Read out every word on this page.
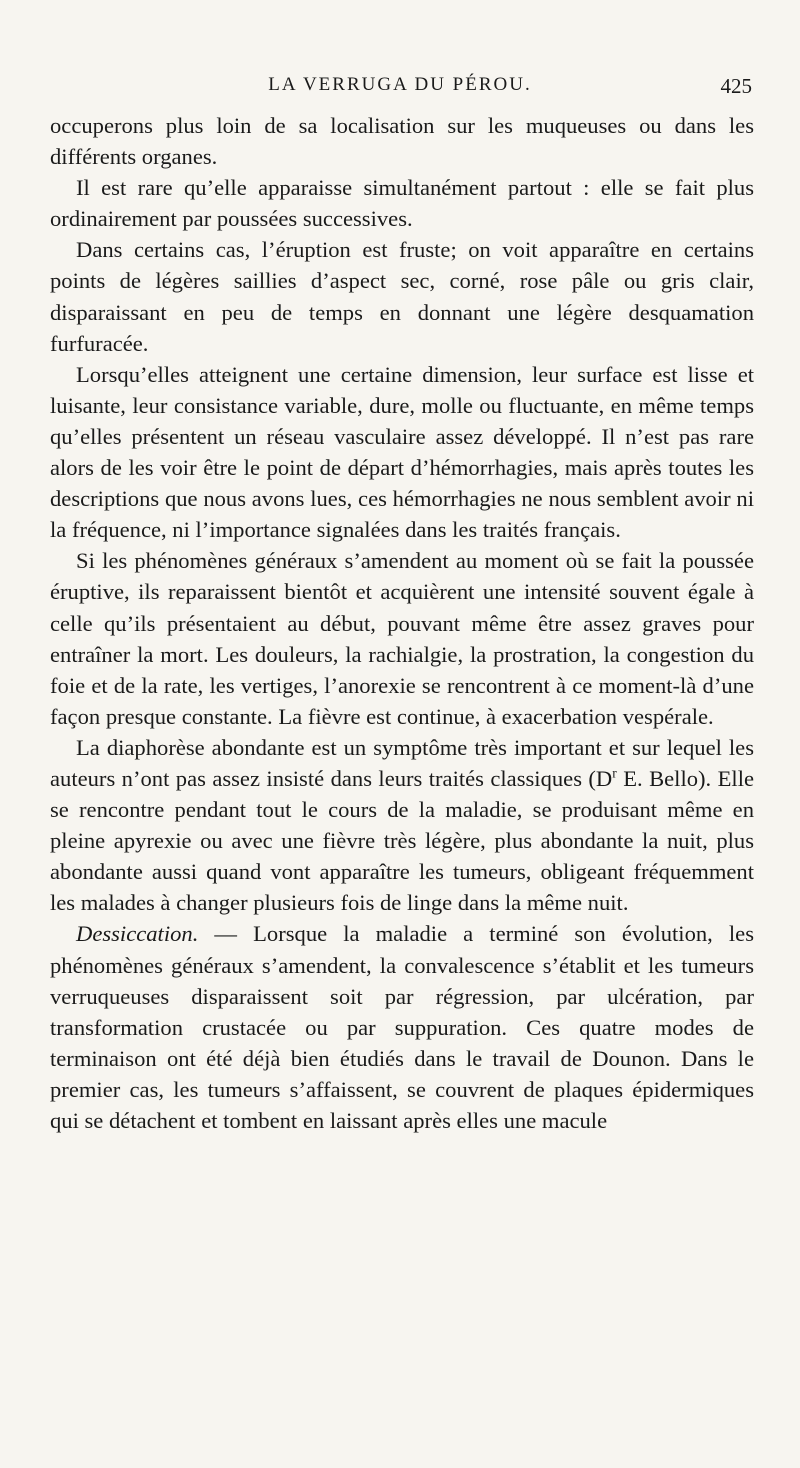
LA VERRUGA DU PÉROU.	425

occuperons plus loin de sa localisation sur les muqueuses ou dans les différents organes.

Il est rare qu’elle apparaisse simultanément partout : elle se fait plus ordinairement par poussées successives.

Dans certains cas, l’éruption est fruste; on voit apparaître en certains points de légères saillies d’aspect sec, corné, rose pâle ou gris clair, disparaissant en peu de temps en donnant une légère desquamation furfuracée.

Lorsqu’elles atteignent une certaine dimension, leur surface est lisse et luisante, leur consistance variable, dure, molle ou fluctuante, en même temps qu’elles présentent un réseau vasculaire assez développé. Il n’est pas rare alors de les voir être le point de départ d’hémorrhagies, mais après toutes les descriptions que nous avons lues, ces hémorrhagies ne nous semblent avoir ni la fréquence, ni l’importance signalées dans les traités français.

Si les phénomènes généraux s’amendent au moment où se fait la poussée éruptive, ils reparaissent bientôt et acquièrent une intensité souvent égale à celle qu’ils présentaient au début, pouvant même être assez graves pour entraîner la mort. Les douleurs, la rachialgie, la prostration, la congestion du foie et de la rate, les vertiges, l’anorexie se rencontrent à ce moment-là d’une façon presque constante. La fièvre est continue, à exacerbation vespérale.

La diaphorèse abondante est un symptôme très important et sur lequel les auteurs n’ont pas assez insisté dans leurs traités classiques ($D^r$ E. Bello). Elle se rencontre pendant tout le cours de la maladie, se produisant même en pleine apyrexie ou avec une fièvre très légère, plus abondante la nuit, plus abondante aussi quand vont apparaître les tumeurs, obligeant fréquemment les malades à changer plusieurs fois de linge dans la même nuit.

Dessiccation. — Lorsque la maladie a terminé son évolution, les phénomènes généraux s’amendent, la convalescence s’établit et les tumeurs verruqueuses disparaissent soit par régression, par ulcération, par transformation crustacée ou par suppuration. Ces quatre modes de terminaison ont été déjà bien étudiés dans le travail de Dounon. Dans le premier cas, les tumeurs s’affaissent, se couvrent de plaques épidermiques qui se détachent et tombent en laissant après elles une macule
